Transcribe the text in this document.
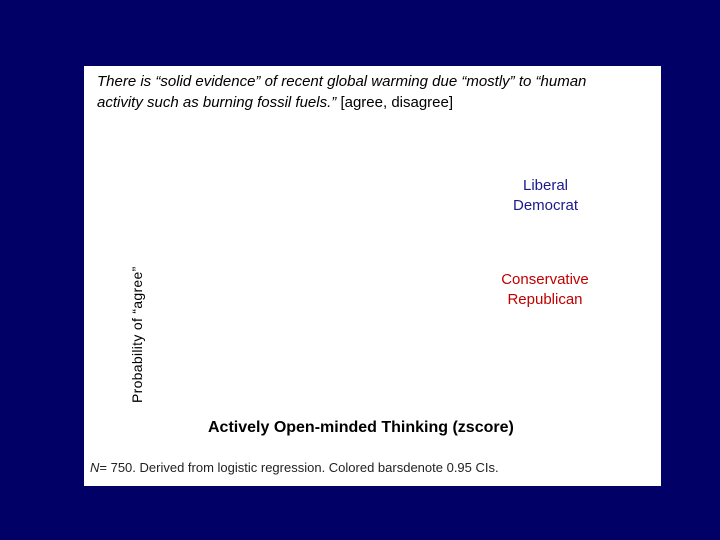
There is “solid evidence” of recent global warming due “mostly” to “human
activity such as burning fossil fuels.” [agree, disagree]
Probability of “agree”
Liberal
Democrat
Conservative
Republican
Actively Open-minded Thinking (zscore)
N= 750. Derived from logistic regression. Colored barsdenote 0.95 CIs.
